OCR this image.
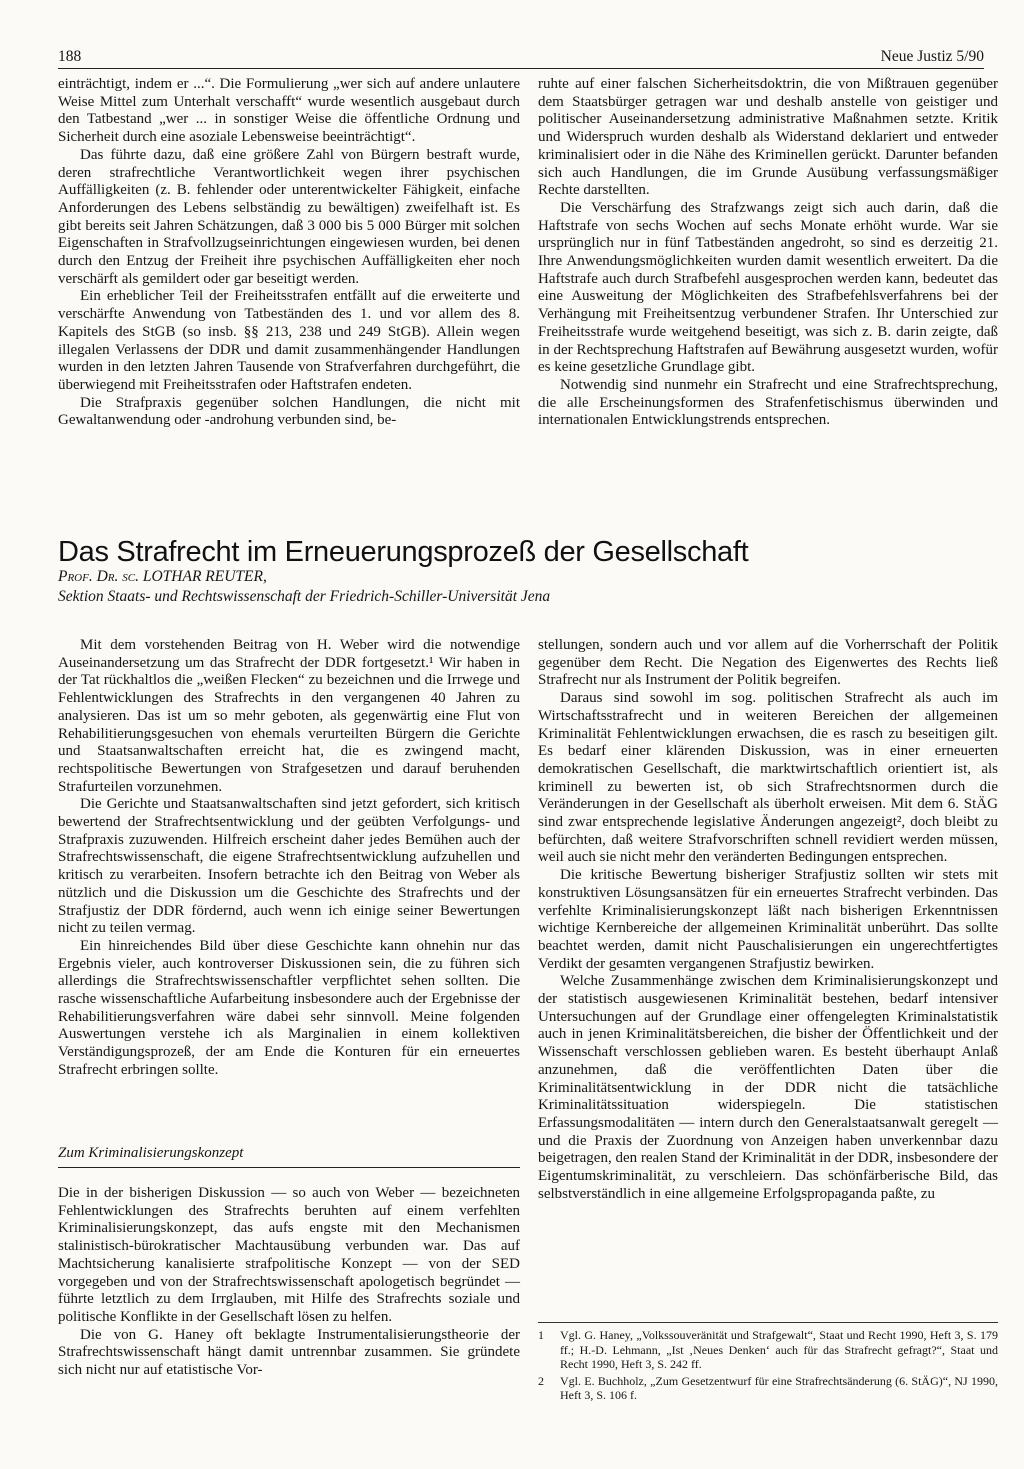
188	Neue Justiz 5/90

einträchtigt, indem er ...“. Die Formulierung „wer sich auf andere unlautere Weise Mittel zum Unterhalt verschafft“ wurde wesentlich ausgebaut durch den Tatbestand „wer ... in sonstiger Weise die öffentliche Ordnung und Sicherheit durch eine asoziale Lebensweise beeinträchtigt“.

Das führte dazu, daß eine größere Zahl von Bürgern bestraft wurde, deren strafrechtliche Verantwortlichkeit wegen ihrer psychischen Auffälligkeiten (z. B. fehlender oder unterentwickelter Fähigkeit, einfache Anforderungen des Lebens selbständig zu bewältigen) zweifelhaft ist. Es gibt bereits seit Jahren Schätzungen, daß 3 000 bis 5 000 Bürger mit solchen Eigenschaften in Strafvollzugseinrichtungen eingewiesen wurden, bei denen durch den Entzug der Freiheit ihre psychischen Auffälligkeiten eher noch verschärft als gemildert oder gar beseitigt werden.

Ein erheblicher Teil der Freiheitsstrafen entfällt auf die erweiterte und verschärfte Anwendung von Tatbeständen des 1. und vor allem des 8. Kapitels des StGB (so insb. §§ 213, 238 und 249 StGB). Allein wegen illegalen Verlassens der DDR und damit zusammenhängender Handlungen wurden in den letzten Jahren Tausende von Strafverfahren durchgeführt, die überwiegend mit Freiheitsstrafen oder Haftstrafen endeten.

Die Strafpraxis gegenüber solchen Handlungen, die nicht mit Gewaltanwendung oder -androhung verbunden sind, be-

ruhte auf einer falschen Sicherheitsdoktrin, die von Mißtrauen gegenüber dem Staatsbürger getragen war und deshalb anstelle von geistiger und politischer Auseinandersetzung administrative Maßnahmen setzte. Kritik und Widerspruch wurden deshalb als Widerstand deklariert und entweder kriminalisiert oder in die Nähe des Kriminellen gerückt. Darunter befanden sich auch Handlungen, die im Grunde Ausübung verfassungsmäßiger Rechte darstellten.

Die Verschärfung des Strafzwangs zeigt sich auch darin, daß die Haftstrafe von sechs Wochen auf sechs Monate erhöht wurde. War sie ursprünglich nur in fünf Tatbeständen angedroht, so sind es derzeitig 21. Ihre Anwendungsmöglichkeiten wurden damit wesentlich erweitert. Da die Haftstrafe auch durch Strafbefehl ausgesprochen werden kann, bedeutet das eine Ausweitung der Möglichkeiten des Strafbefehlsverfahrens bei der Verhängung mit Freiheitsentzug verbundener Strafen. Ihr Unterschied zur Freiheitsstrafe wurde weitgehend beseitigt, was sich z. B. darin zeigte, daß in der Rechtsprechung Haftstrafen auf Bewährung ausgesetzt wurden, wofür es keine gesetzliche Grundlage gibt.

Notwendig sind nunmehr ein Strafrecht und eine Strafrechtsprechung, die alle Erscheinungsformen des Strafenfetischismus überwinden und internationalen Entwicklungstrends entsprechen.

Das Strafrecht im Erneuerungsprozeß der Gesellschaft
Prof. Dr. sc. LOTHAR REUTER,
Sektion Staats- und Rechtswissenschaft der Friedrich-Schiller-Universität Jena

Mit dem vorstehenden Beitrag von H. Weber wird die notwendige Auseinandersetzung um das Strafrecht der DDR fortgesetzt.¹ Wir haben in der Tat rückhaltlos die „weißen Flecken“ zu bezeichnen und die Irrwege und Fehlentwicklungen des Strafrechts in den vergangenen 40 Jahren zu analysieren. Das ist um so mehr geboten, als gegenwärtig eine Flut von Rehabilitierungsgesuchen von ehemals verurteilten Bürgern die Gerichte und Staatsanwaltschaften erreicht hat, die es zwingend macht, rechtspolitische Bewertungen von Strafgesetzen und darauf beruhenden Strafurteilen vorzunehmen.

Die Gerichte und Staatsanwaltschaften sind jetzt gefordert, sich kritisch bewertend der Strafrechtsentwicklung und der geübten Verfolgungs- und Strafpraxis zuzuwenden. Hilfreich erscheint daher jedes Bemühen auch der Strafrechtswissenschaft, die eigene Strafrechtsentwicklung aufzuhellen und kritisch zu verarbeiten. Insofern betrachte ich den Beitrag von Weber als nützlich und die Diskussion um die Geschichte des Strafrechts und der Strafjustiz der DDR fördernd, auch wenn ich einige seiner Bewertungen nicht zu teilen vermag.

Ein hinreichendes Bild über diese Geschichte kann ohnehin nur das Ergebnis vieler, auch kontroverser Diskussionen sein, die zu führen sich allerdings die Strafrechtswissenschaftler verpflichtet sehen sollten. Die rasche wissenschaftliche Aufarbeitung insbesondere auch der Ergebnisse der Rehabilitierungsverfahren wäre dabei sehr sinnvoll. Meine folgenden Auswertungen verstehe ich als Marginalien in einem kollektiven Verständigungsprozeß, der am Ende die Konturen für ein erneuertes Strafrecht erbringen sollte.

Zum Kriminalisierungskonzept

Die in der bisherigen Diskussion — so auch von Weber — bezeichneten Fehlentwicklungen des Strafrechts beruhten auf einem verfehlten Kriminalisierungskonzept, das aufs engste mit den Mechanismen stalinistisch-bürokratischer Machtausübung verbunden war. Das auf Machtsicherung kanalisierte strafpolitische Konzept — von der SED vorgegeben und von der Strafrechtswissenschaft apologetisch begründet — führte letztlich zu dem Irrglauben, mit Hilfe des Strafrechts soziale und politische Konflikte in der Gesellschaft lösen zu helfen.

Die von G. Haney oft beklagte Instrumentalisierungstheorie der Strafrechtswissenschaft hängt damit untrennbar zusammen. Sie gründete sich nicht nur auf etatistische Vor-

stellungen, sondern auch und vor allem auf die Vorherrschaft der Politik gegenüber dem Recht. Die Negation des Eigenwertes des Rechts ließ Strafrecht nur als Instrument der Politik begreifen.

Daraus sind sowohl im sog. politischen Strafrecht als auch im Wirtschaftsstrafrecht und in weiteren Bereichen der allgemeinen Kriminalität Fehlentwicklungen erwachsen, die es rasch zu beseitigen gilt. Es bedarf einer klärenden Diskussion, was in einer erneuerten demokratischen Gesellschaft, die marktwirtschaftlich orientiert ist, als kriminell zu bewerten ist, ob sich Strafrechtsnormen durch die Veränderungen in der Gesellschaft als überholt erweisen. Mit dem 6. StÄG sind zwar entsprechende legislative Änderungen angezeigt², doch bleibt zu befürchten, daß weitere Strafvorschriften schnell revidiert werden müssen, weil auch sie nicht mehr den veränderten Bedingungen entsprechen.

Die kritische Bewertung bisheriger Strafjustiz sollten wir stets mit konstruktiven Lösungsansätzen für ein erneuertes Strafrecht verbinden. Das verfehlte Kriminalisierungskonzept läßt nach bisherigen Erkenntnissen wichtige Kernbereiche der allgemeinen Kriminalität unberührt. Das sollte beachtet werden, damit nicht Pauschalisierungen ein ungerechtfertigtes Verdikt der gesamten vergangenen Strafjustiz bewirken.

Welche Zusammenhänge zwischen dem Kriminalisierungskonzept und der statistisch ausgewiesenen Kriminalität bestehen, bedarf intensiver Untersuchungen auf der Grundlage einer offengelegten Kriminalstatistik auch in jenen Kriminalitätsbereichen, die bisher der Öffentlichkeit und der Wissenschaft verschlossen geblieben waren. Es besteht überhaupt Anlaß anzunehmen, daß die veröffentlichten Daten über die Kriminalitätsentwicklung in der DDR nicht die tatsächliche Kriminalitätssituation widerspiegeln. Die statistischen Erfassungsmodalitäten — intern durch den Generalstaatsanwalt geregelt — und die Praxis der Zuordnung von Anzeigen haben unverkennbar dazu beigetragen, den realen Stand der Kriminalität in der DDR, insbesondere der Eigentumskriminalität, zu verschleiern. Das schönfärberische Bild, das selbstverständlich in eine allgemeine Erfolgspropaganda paßte, zu

1 Vgl. G. Haney, „Volkssouveränität und Strafgewalt“, Staat und Recht 1990, Heft 3, S. 179 ff.; H.-D. Lehmann, „Ist ‚Neues Denken‘ auch für das Strafrecht gefragt?“, Staat und Recht 1990, Heft 3, S. 242 ff.
2 Vgl. E. Buchholz, „Zum Gesetzentwurf für eine Strafrechtsänderung (6. StÄG)“, NJ 1990, Heft 3, S. 106 f.
